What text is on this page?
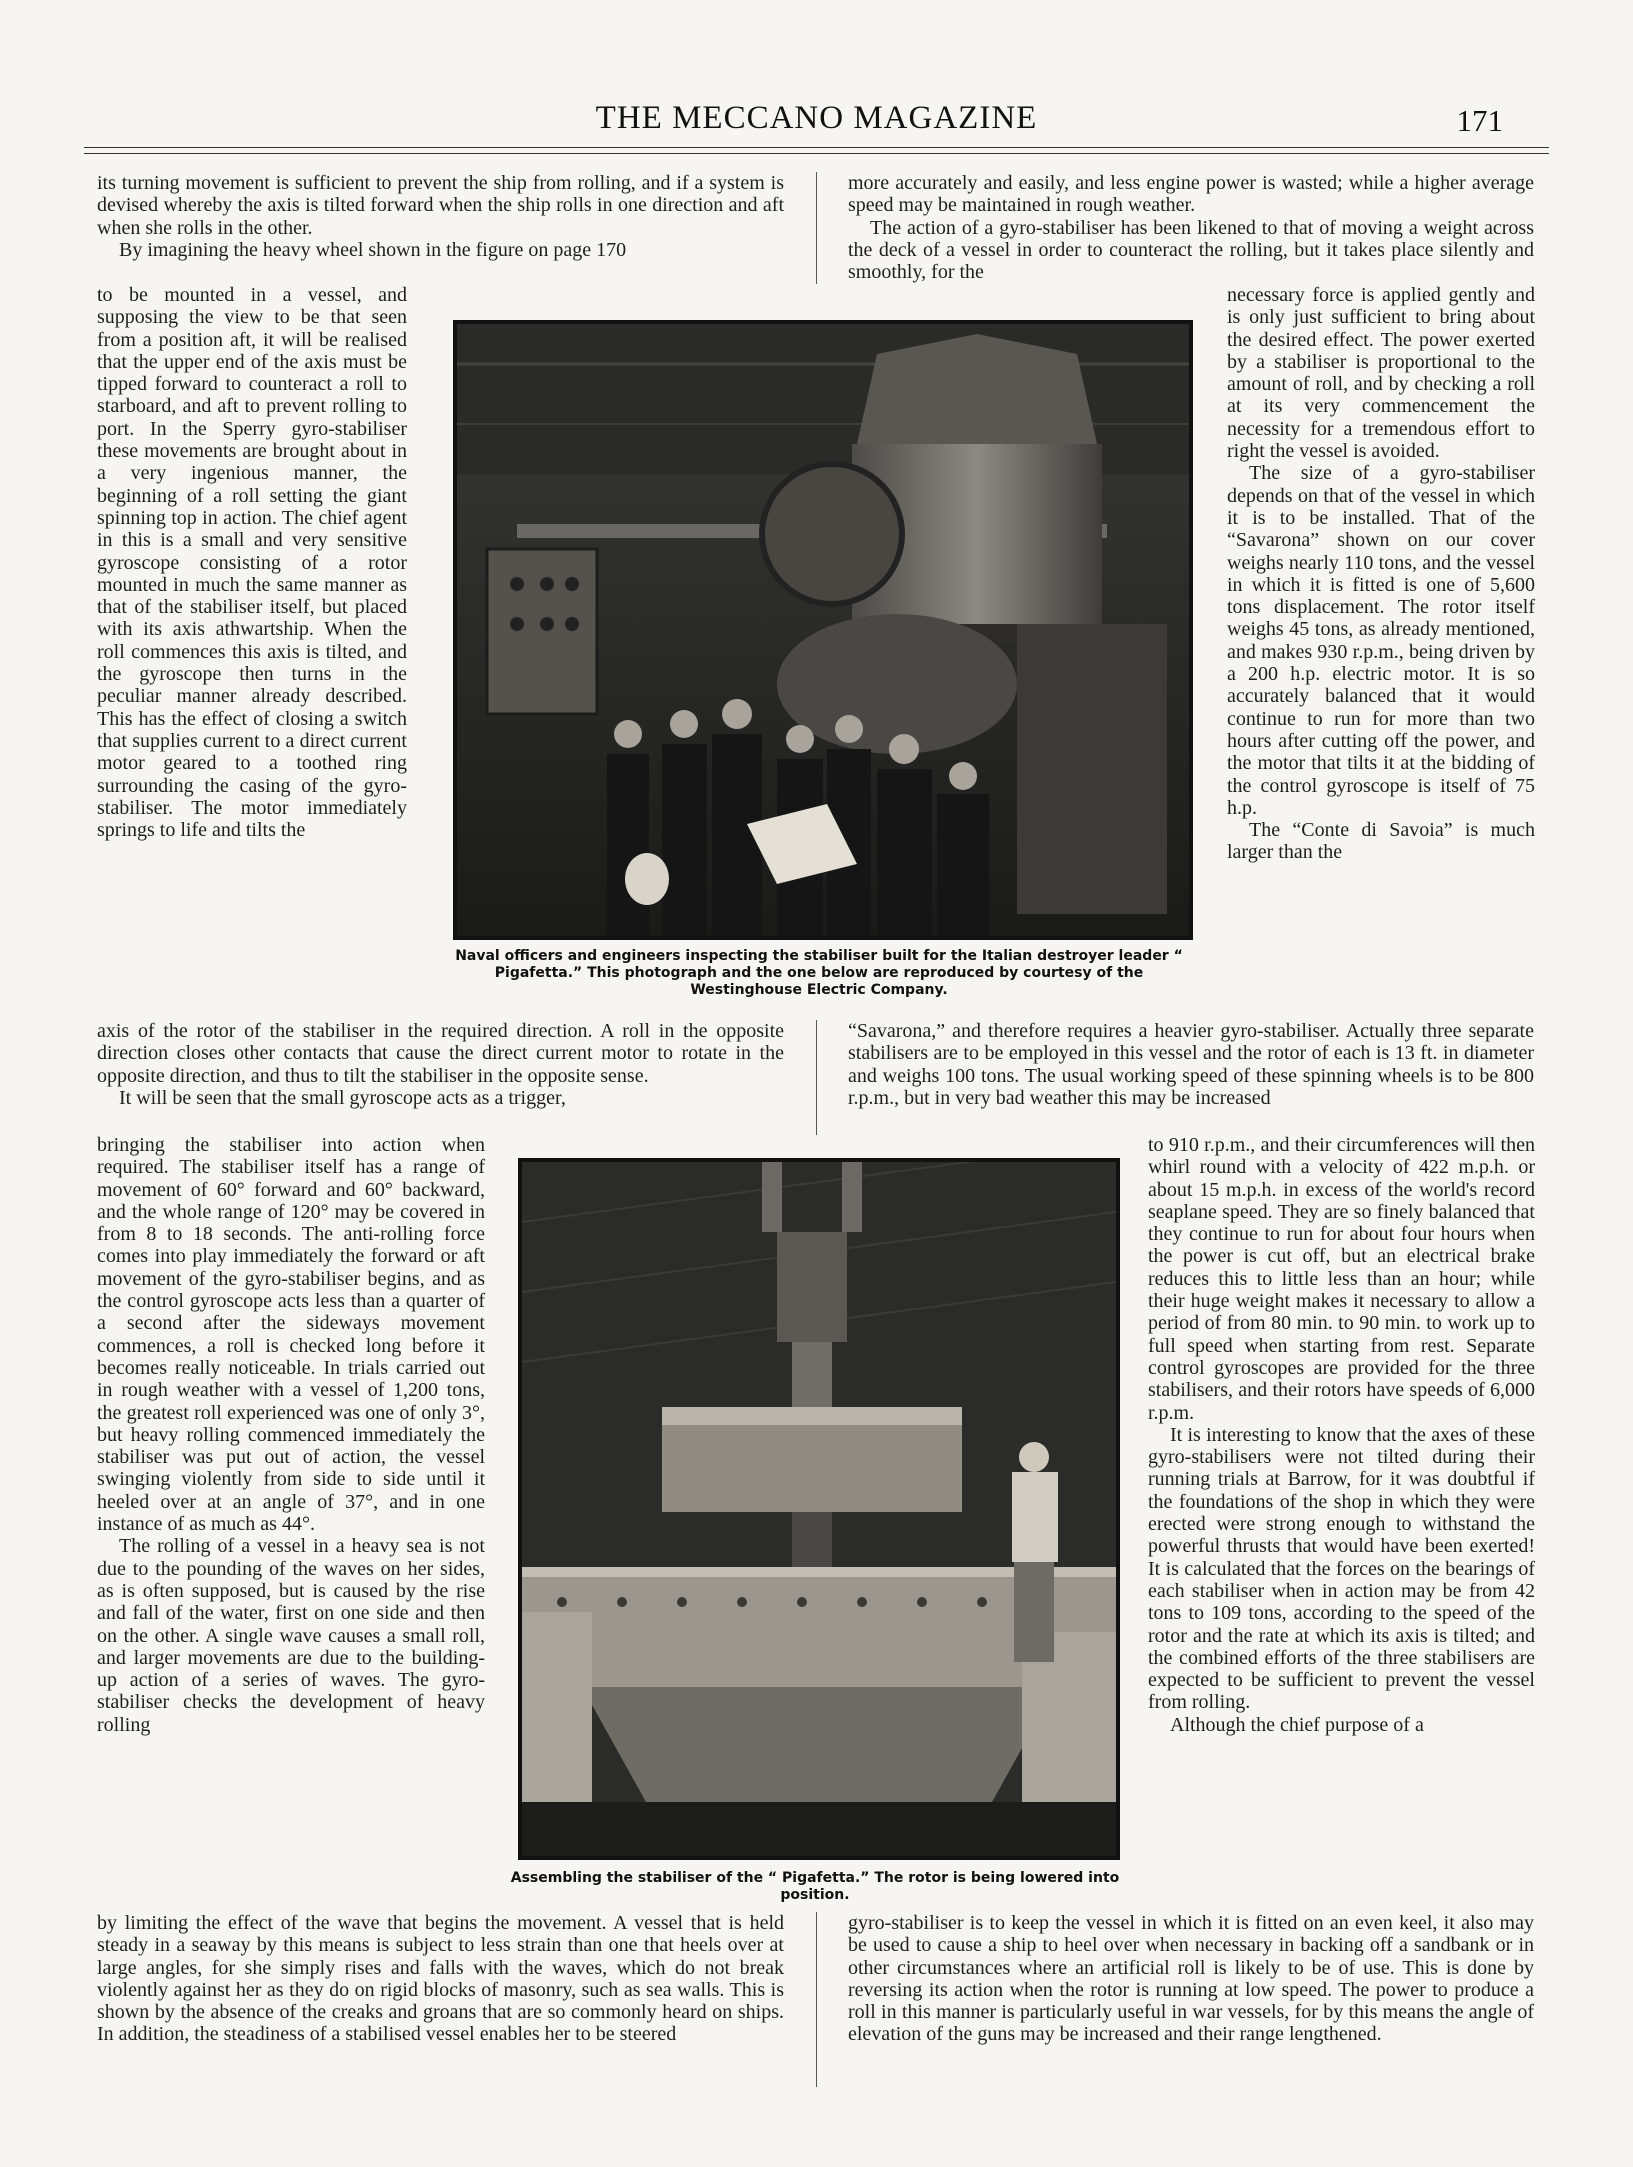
THE MECCANO MAGAZINE	171

its turning movement is sufficient to prevent the ship from rolling, and if a system is devised whereby the axis is tilted forward when the ship rolls in one direction and aft when she rolls in the other.

By imagining the heavy wheel shown in the figure on page 170

to be mounted in a vessel, and supposing the view to be that seen from a position aft, it will be realised that the upper end of the axis must be tipped forward to counteract a roll to starboard, and aft to prevent rolling to port. In the Sperry gyro-stabiliser these movements are brought about in a very ingenious manner, the beginning of a roll setting the giant spinning top in action. The chief agent in this is a small and very sensitive gyroscope consisting of a rotor mounted in much the same manner as that of the stabiliser itself, but placed with its axis athwartship. When the roll commences this axis is tilted, and the gyroscope then turns in the peculiar manner already described. This has the effect of closing a switch that supplies current to a direct current motor geared to a toothed ring surrounding the casing of the gyro-stabiliser. The motor immediately springs to life and tilts the

axis of the rotor of the stabiliser in the required direction. A roll in the opposite direction closes other contacts that cause the direct current motor to rotate in the opposite direction, and thus to tilt the stabiliser in the opposite sense.

It will be seen that the small gyroscope acts as a trigger,

bringing the stabiliser into action when required. The stabiliser itself has a range of movement of 60° forward and 60° backward, and the whole range of 120° may be covered in from 8 to 18 seconds. The anti-rolling force comes into play immediately the forward or aft movement of the gyro-stabiliser begins, and as the control gyroscope acts less than a quarter of a second after the sideways movement commences, a roll is checked long before it becomes really noticeable. In trials carried out in rough weather with a vessel of 1,200 tons, the greatest roll experienced was one of only 3°, but heavy rolling commenced immediately the stabiliser was put out of action, the vessel swinging violently from side to side until it heeled over at an angle of 37°, and in one instance of as much as 44°.

The rolling of a vessel in a heavy sea is not due to the pounding of the waves on her sides, as is often supposed, but is caused by the rise and fall of the water, first on one side and then on the other. A single wave causes a small roll, and larger movements are due to the building-up action of a series of waves. The gyro-stabiliser checks the development of heavy rolling

by limiting the effect of the wave that begins the movement. A vessel that is held steady in a seaway by this means is subject to less strain than one that heels over at large angles, for she simply rises and falls with the waves, which do not break violently against her as they do on rigid blocks of masonry, such as sea walls. This is shown by the absence of the creaks and groans that are so commonly heard on ships. In addition, the steadiness of a stabilised vessel enables her to be steered

more accurately and easily, and less engine power is wasted; while a higher average speed may be maintained in rough weather.

The action of a gyro-stabiliser has been likened to that of moving a weight across the deck of a vessel in order to counteract the rolling, but it takes place silently and smoothly, for the

necessary force is applied gently and is only just sufficient to bring about the desired effect. The power exerted by a stabiliser is proportional to the amount of roll, and by checking a roll at its very commencement the necessity for a tremendous effort to right the vessel is avoided.

The size of a gyro-stabiliser depends on that of the vessel in which it is to be installed. That of the “Savarona” shown on our cover weighs nearly 110 tons, and the vessel in which it is fitted is one of 5,600 tons displacement. The rotor itself weighs 45 tons, as already mentioned, and makes 930 r.p.m., being driven by a 200 h.p. electric motor. It is so accurately balanced that it would continue to run for more than two hours after cutting off the power, and the motor that tilts it at the bidding of the control gyroscope is itself of 75 h.p.

The “Conte di Savoia” is much larger than the

“Savarona,” and therefore requires a heavier gyro-stabiliser. Actually three separate stabilisers are to be employed in this vessel and the rotor of each is 13 ft. in diameter and weighs 100 tons. The usual working speed of these spinning wheels is to be 800 r.p.m., but in very bad weather this may be increased

to 910 r.p.m., and their circumferences will then whirl round with a velocity of 422 m.p.h. or about 15 m.p.h. in excess of the world's record seaplane speed. They are so finely balanced that they continue to run for about four hours when the power is cut off, but an electrical brake reduces this to little less than an hour; while their huge weight makes it necessary to allow a period of from 80 min. to 90 min. to work up to full speed when starting from rest. Separate control gyroscopes are provided for the three stabilisers, and their rotors have speeds of 6,000 r.p.m.

It is interesting to know that the axes of these gyro-stabilisers were not tilted during their running trials at Barrow, for it was doubtful if the foundations of the shop in which they were erected were strong enough to withstand the powerful thrusts that would have been exerted! It is calculated that the forces on the bearings of each stabiliser when in action may be from 42 tons to 109 tons, according to the speed of the rotor and the rate at which its axis is tilted; and the combined efforts of the three stabilisers are expected to be sufficient to prevent the vessel from rolling.

Although the chief purpose of a

gyro-stabiliser is to keep the vessel in which it is fitted on an even keel, it also may be used to cause a ship to heel over when necessary in backing off a sandbank or in other circumstances where an artificial roll is likely to be of use. This is done by reversing its action when the rotor is running at low speed. The power to produce a roll in this manner is particularly useful in war vessels, for by this means the angle of elevation of the guns may be increased and their range lengthened.

Naval officers and engineers inspecting the stabiliser built for the Italian destroyer leader “ Pigafetta.” This photograph and the one below are reproduced by courtesy of the Westinghouse Electric Company.
Assembling the stabiliser of the “ Pigafetta.” The rotor is being lowered into position.
